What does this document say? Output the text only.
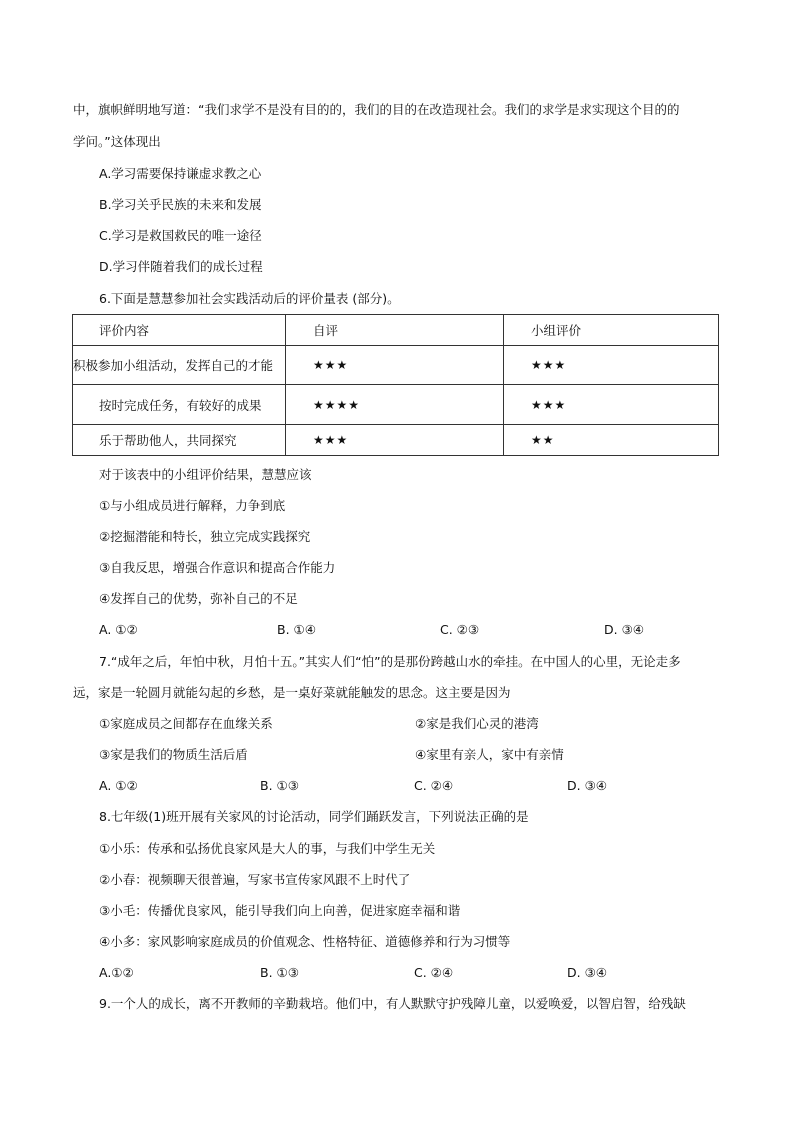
中，旗帜鲜明地写道：“我们求学不是没有目的的，我们的目的在改造现社会。我们的求学是求实现这个目的的
学问。”这体现出
A.学习需要保持谦虚求教之心
B.学习关乎民族的未来和发展
C.学习是救国救民的唯一途径
D.学习伴随着我们的成长过程
6.下面是慧慧参加社会实践活动后的评价量表 (部分)。
评价内容	自评	小组评价

积极参加小组活动，发挥自己的才能	★★★	★★★

按时完成任务，有较好的成果	★★★★	★★★

乐于帮助他人，共同探究	★★★	★★
对于该表中的小组评价结果，慧慧应该
①与小组成员进行解释，力争到底
②挖掘潜能和特长，独立完成实践探究
③自我反思，增强合作意识和提高合作能力
④发挥自己的优势，弥补自己的不足
A. ①②	B. ①④	C. ②③	D. ③④
7.“成年之后，年怕中秋，月怕十五。”其实人们“怕”的是那份跨越山水的牵挂。在中国人的心里，无论走多
远，家是一轮圆月就能勾起的乡愁，是一桌好菜就能触发的思念。这主要是因为
①家庭成员之间都存在血缘关系	②家是我们心灵的港湾
③家是我们的物质生活后盾	④家里有亲人，家中有亲情
A. ①②	B. ①③	C. ②④	D. ③④
8.七年级(1)班开展有关家风的讨论活动，同学们踊跃发言，下列说法正确的是
①小乐：传承和弘扬优良家风是大人的事，与我们中学生无关
②小春：视频聊天很普遍，写家书宣传家风跟不上时代了
③小毛：传播优良家风，能引导我们向上向善，促进家庭幸福和谐
④小多：家风影响家庭成员的价值观念、性格特征、道德修养和行为习惯等
A.①②	B. ①③	C. ②④	D. ③④
9.一个人的成长，离不开教师的辛勤栽培。他们中，有人默默守护残障儿童，以爱唤爱，以智启智，给残缺
